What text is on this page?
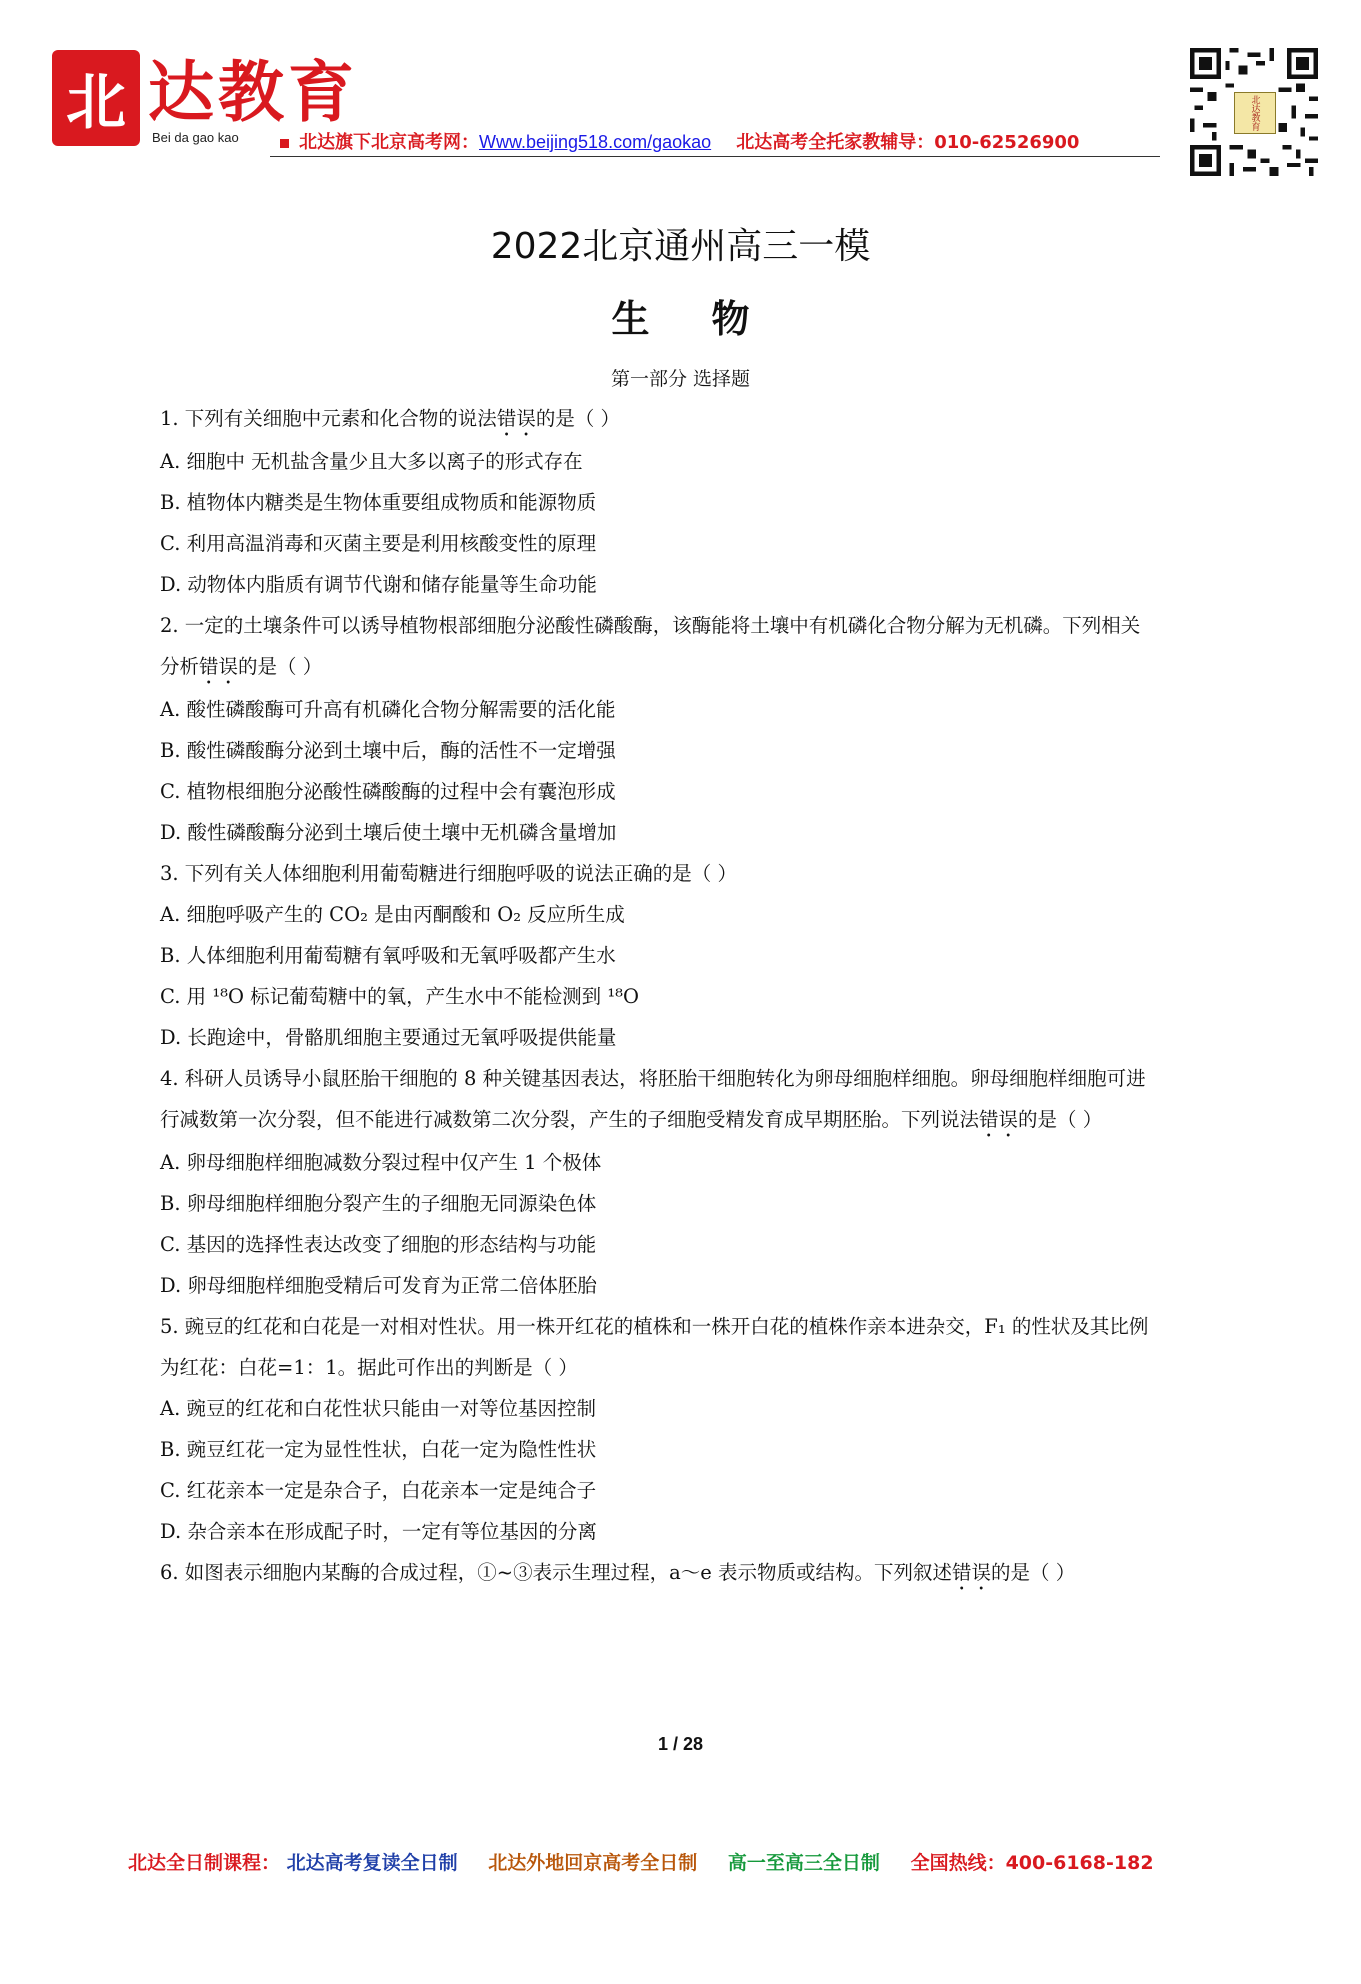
北 达教育
Bei da gao kao	北达旗下北京高考网：Www.beijing518.com/gaokao 北达高考全托家教辅导：010-62526900
北达教育
2022北京通州高三一模
生物
第一部分 选择题

1. 下列有关细胞中元素和化合物的说法错误的是（ ）

A. 细胞中 无机盐含量少且大多以离子的形式存在

B. 植物体内糖类是生物体重要组成物质和能源物质

C. 利用高温消毒和灭菌主要是利用核酸变性的原理

D. 动物体内脂质有调节代谢和储存能量等生命功能

2. 一定的土壤条件可以诱导植物根部细胞分泌酸性磷酸酶，该酶能将土壤中有机磷化合物分解为无机磷。下列相关

分析错误的是（ ）

A. 酸性磷酸酶可升高有机磷化合物分解需要的活化能

B. 酸性磷酸酶分泌到土壤中后，酶的活性不一定增强

C. 植物根细胞分泌酸性磷酸酶的过程中会有囊泡形成

D. 酸性磷酸酶分泌到土壤后使土壤中无机磷含量增加

3. 下列有关人体细胞利用葡萄糖进行细胞呼吸的说法正确的是（ ）

A. 细胞呼吸产生的 CO₂ 是由丙酮酸和 O₂ 反应所生成

B. 人体细胞利用葡萄糖有氧呼吸和无氧呼吸都产生水

C. 用 ¹⁸O 标记葡萄糖中的氧，产生水中不能检测到 ¹⁸O

D. 长跑途中，骨骼肌细胞主要通过无氧呼吸提供能量

4. 科研人员诱导小鼠胚胎干细胞的 8 种关键基因表达，将胚胎干细胞转化为卵母细胞样细胞。卵母细胞样细胞可进

行减数第一次分裂，但不能进行减数第二次分裂，产生的子细胞受精发育成早期胚胎。下列说法错误的是（ ）

A. 卵母细胞样细胞减数分裂过程中仅产生 1 个极体

B. 卵母细胞样细胞分裂产生的子细胞无同源染色体

C. 基因的选择性表达改变了细胞的形态结构与功能

D. 卵母细胞样细胞受精后可发育为正常二倍体胚胎

5. 豌豆的红花和白花是一对相对性状。用一株开红花的植株和一株开白花的植株作亲本进杂交，F₁ 的性状及其比例

为红花：白花=1：1。据此可作出的判断是（ ）

A. 豌豆的红花和白花性状只能由一对等位基因控制

B. 豌豆红花一定为显性性状，白花一定为隐性性状

C. 红花亲本一定是杂合子，白花亲本一定是纯合子

D. 杂合亲本在形成配子时，一定有等位基因的分离

6. 如图表示细胞内某酶的合成过程，①~③表示生理过程，a～e 表示物质或结构。下列叙述错误的是（ ）

1 / 28
北达全日制课程： 北达高考复读全日制 北达外地回京高考全日制 高一至高三全日制 全国热线：400-6168-182
